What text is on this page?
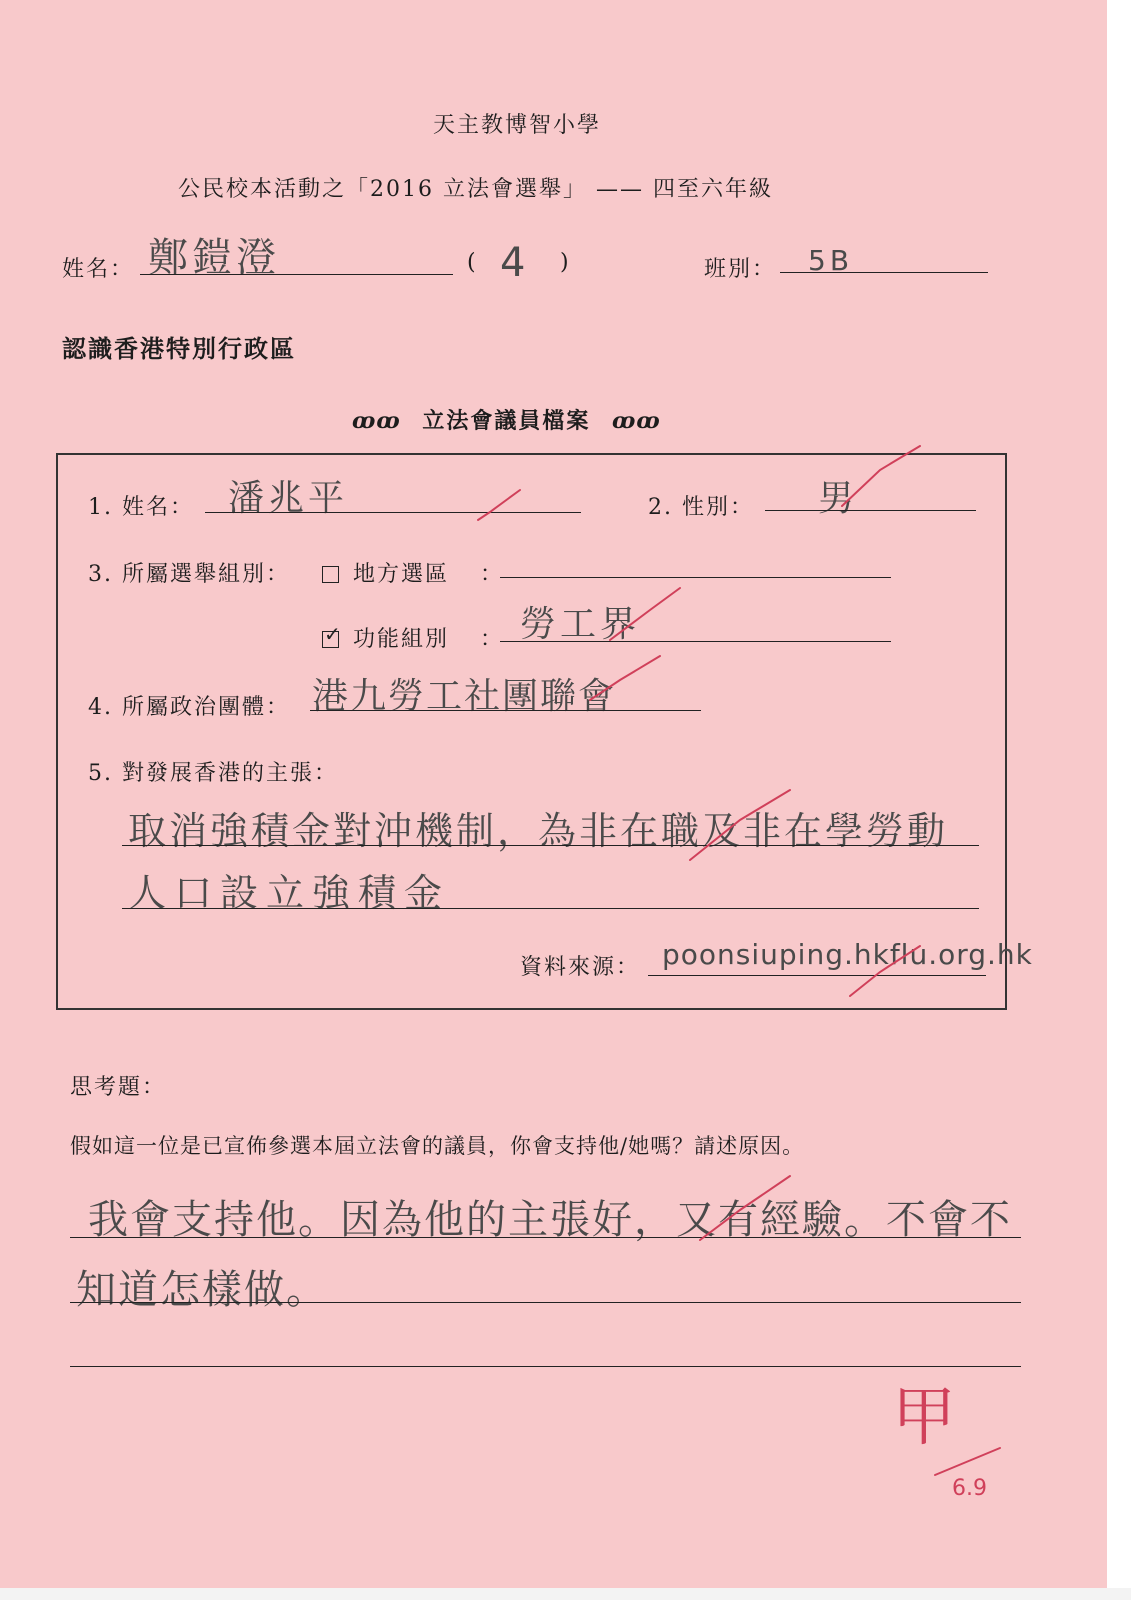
天主教博智小學
公民校本活動之「2016 立法會選舉」 —— 四至六年級
姓名： 鄭鎧澄	( 4 )	班別： 5B
認識香港特別行政區
ꝏꝏ 立法會議員檔案 ꝏꝏ
1. 姓名： 潘兆平	2. 性別： 男
3. 所屬選舉組別：	地方選區 ：
✓ 功能組別 ： 勞工界
4. 所屬政治團體： 港九勞工社團聯會
5. 對發展香港的主張：
取消強積金對沖機制，為非在職及非在學勞動
人口設立強積金
資料來源： poonsiuping.hkflu.org.hk
思考題：
假如這一位是已宣佈參選本屆立法會的議員，你會支持他/她嗎？請述原因。
我會支持他。因為他的主張好，又有經驗。不會不
知道怎樣做。
甲
6.9
